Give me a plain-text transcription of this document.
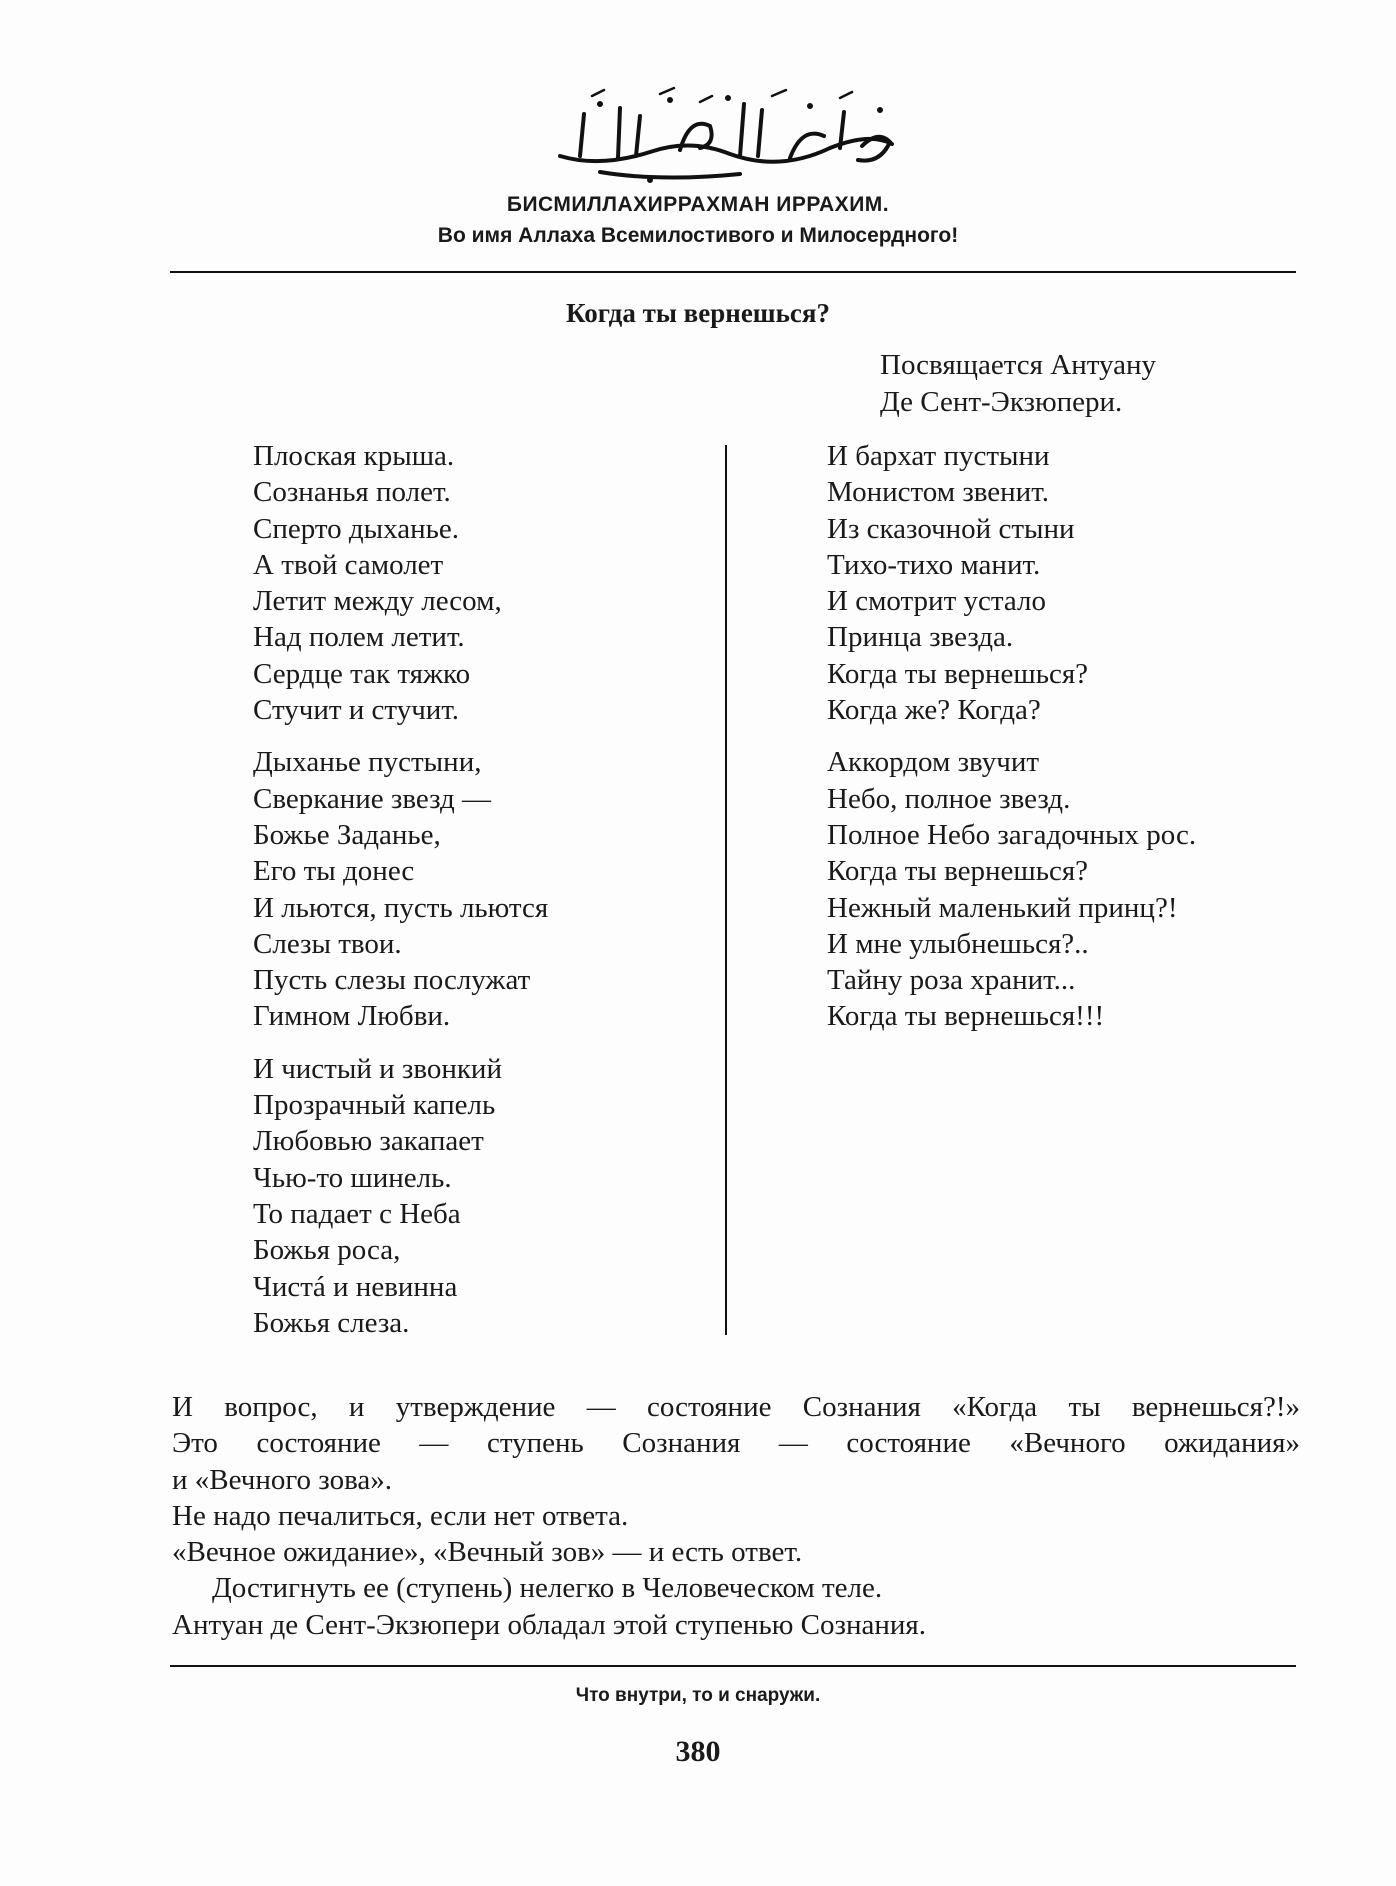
БИСМИЛЛАХИРРАХМАН ИРРАХИМ.
Во имя Аллаха Всемилостивого и Милосердного!
Когда ты вернешься?
Посвящается Антуану
Де Сент-Экзюпери.
Плоская крыша.
Сознанья полет.
Сперто дыханье.
А твой самолет
Летит между лесом,
Над полем летит.
Сердце так тяжко
Стучит и стучит.
Дыханье пустыни,
Сверкание звезд —
Божье Заданье,
Его ты донес
И льются, пусть льются
Слезы твои.
Пусть слезы послужат
Гимном Любви.
И чистый и звонкий
Прозрачный капель
Любовью закапает
Чью-то шинель.
То падает с Неба
Божья роса,
Чистá и невинна
Божья слеза.
И бархат пустыни
Монистом звенит.
Из сказочной стыни
Тихо-тихо манит.
И смотрит устало
Принца звезда.
Когда ты вернешься?
Когда же? Когда?
Аккордом звучит
Небо, полное звезд.
Полное Небо загадочных рос.
Когда ты вернешься?
Нежный маленький принц?!
И мне улыбнешься?..
Тайну роза хранит...
Когда ты вернешься!!!
И вопрос, и утверждение — состояние Сознания «Когда ты вернешься?!»
Это состояние — ступень Сознания — состояние «Вечного ожидания»
и «Вечного зова».
Не надо печалиться, если нет ответа.
«Вечное ожидание», «Вечный зов» — и есть ответ.
Достигнуть ее (ступень) нелегко в Человеческом теле.
Антуан де Сент-Экзюпери обладал этой ступенью Сознания.
Что внутри, то и снаружи.
380
